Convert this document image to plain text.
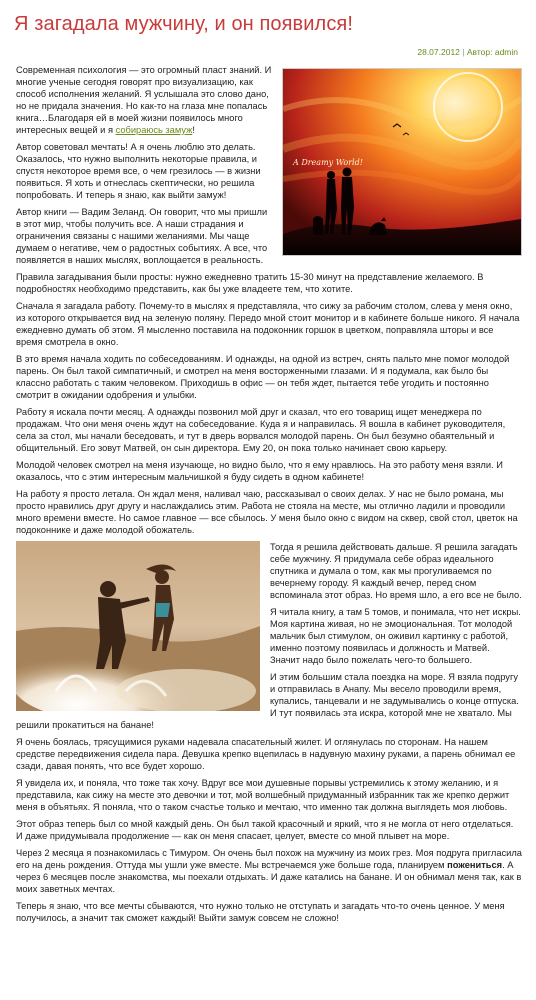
Я загадала мужчину, и он появился!
28.07.2012 | Автор: admin
A Dreamy World!

Современная психология — это огромный пласт знаний. И многие ученые сегодня говорят про визуализацию, как способ исполнения желаний. Я услышала это слово дано, но не придала значения. Но как-то на глаза мне попалась книга…Благодаря ей в моей жизни появилось много интересных вещей и я собираюсь замуж!

Автор советовал мечтать! А я очень люблю это делать. Оказалось, что нужно выполнить некоторые правила, и спустя некоторое время все, о чем грезилось — в жизни появиться. Я хоть и отнеслась скептически, но решила попробовать. И теперь я знаю, как выйти замуж!

Автор книги — Вадим Зеланд. Он говорит, что мы пришли в этот мир, чтобы получить все. А наши страдания и ограничения связаны с нашими желаниями. Мы чаще думаем о негативе, чем о радостных событиях. А все, что появляется в наших мыслях, воплощается в реальность.

Правила загадывания были просты: нужно ежедневно тратить 15-30 минут на представление желаемого. В подробностях необходимо представить, как бы уже владеете тем, что хотите.

Сначала я загадала работу. Почему-то в мыслях я представляла, что сижу за рабочим столом, слева у меня окно, из которого открывается вид на зеленую поляну. Передо мной стоит монитор и в кабинете больше никого. Я начала ежедневно думать об этом. Я мысленно поставила на подоконник горшок в цветком, поправляла шторы и все время смотрела в окно.

В это время начала ходить по собеседованиям. И однажды, на одной из встреч, снять пальто мне помог молодой парень. Он был такой симпатичный, и смотрел на меня восторженными глазами. И я подумала, как было бы классно работать с таким человеком. Приходишь в офис — он тебя ждет, пытается тебе угодить и постоянно смотрит в ожидании одобрения и улыбки.

Работу я искала почти месяц. А однажды позвонил мой друг и сказал, что его товарищ ищет менеджера по продажам. Что они меня очень ждут на собеседование. Куда я и направилась. Я вошла в кабинет руководителя, села за стол, мы начали беседовать, и тут в дверь ворвался молодой парень. Он был безумно обаятельный и общительный. Его зовут Матвей, он сын директора. Ему 20, он пока только начинает свою карьеру.

Молодой человек смотрел на меня изучающе, но видно было, что я ему нравлюсь. На это работу меня взяли. И оказалось, что с этим интересным мальчишкой я буду сидеть в одном кабинете!

На работу я просто летала. Он ждал меня, наливал чаю, рассказывал о своих делах. У нас не было романа, мы просто нравились друг другу и наслаждались этим. Работа не стояла на месте, мы отлично ладили и проводили много времени вместе. Но самое главное — все сбылось. У меня было окно с видом на сквер, свой стол, цветок на подоконнике и даже молодой обожатель.

Тогда я решила действовать дальше. Я решила загадать себе мужчину. Я придумала себе образ идеального спутника и думала о том, как мы прогуливаемся по вечернему городу. Я каждый вечер, перед сном вспоминала этот образ. Но время шло, а его все не было.

Я читала книгу, а там 5 томов, и понимала, что нет искры. Моя картина живая, но не эмоциональная. Тот молодой мальчик был стимулом, он оживил картинку с работой, именно поэтому появилась и должность и Матвей. Значит надо было пожелать чего-то большего.

И этим большим стала поездка на море. Я взяла подругу и отправилась в Анапу. Мы весело проводили время, купались, танцевали и не задумывались о конце отпуска. И тут появилась эта искра, которой мне не хватало. Мы решили прокатиться на банане!

Я очень боялась, трясущимися руками надевала спасательный жилет. И оглянулась по сторонам. На нашем средстве передвижения сидела пара. Девушка крепко вцепилась в надувную махину руками, а парень обнимал ее сзади, давая понять, что все будет хорошо.

Я увидела их, и поняла, что тоже так хочу. Вдруг все мои душевные порывы устремились к этому желанию, и я представила, как сижу на месте это девочки и тот, мой волшебный придуманный избранник так же крепко держит меня в объятьях. Я поняла, что о таком счастье только и мечтаю, что именно так должна выглядеть моя любовь.

Этот образ теперь был со мной каждый день. Он был такой красочный и яркий, что я не могла от него отделаться. И даже придумывала продолжение — как он меня спасает, целует, вместе со мной плывет на море.

Через 2 месяца я познакомилась с Тимуром. Он очень был похож на мужчину из моих грез. Моя подруга пригласила его на день рождения. Оттуда мы ушли уже вместе. Мы встречаемся уже больше года, планируем пожениться. А через 6 месяцев после знакомства, мы поехали отдыхать. И даже катались на банане. И он обнимал меня так, как в моих заветных мечтах.

Теперь я знаю, что все мечты сбываются, что нужно только не отступать и загадать что-то очень ценное. У меня получилось, а значит так сможет каждый! Выйти замуж совсем не сложно!
